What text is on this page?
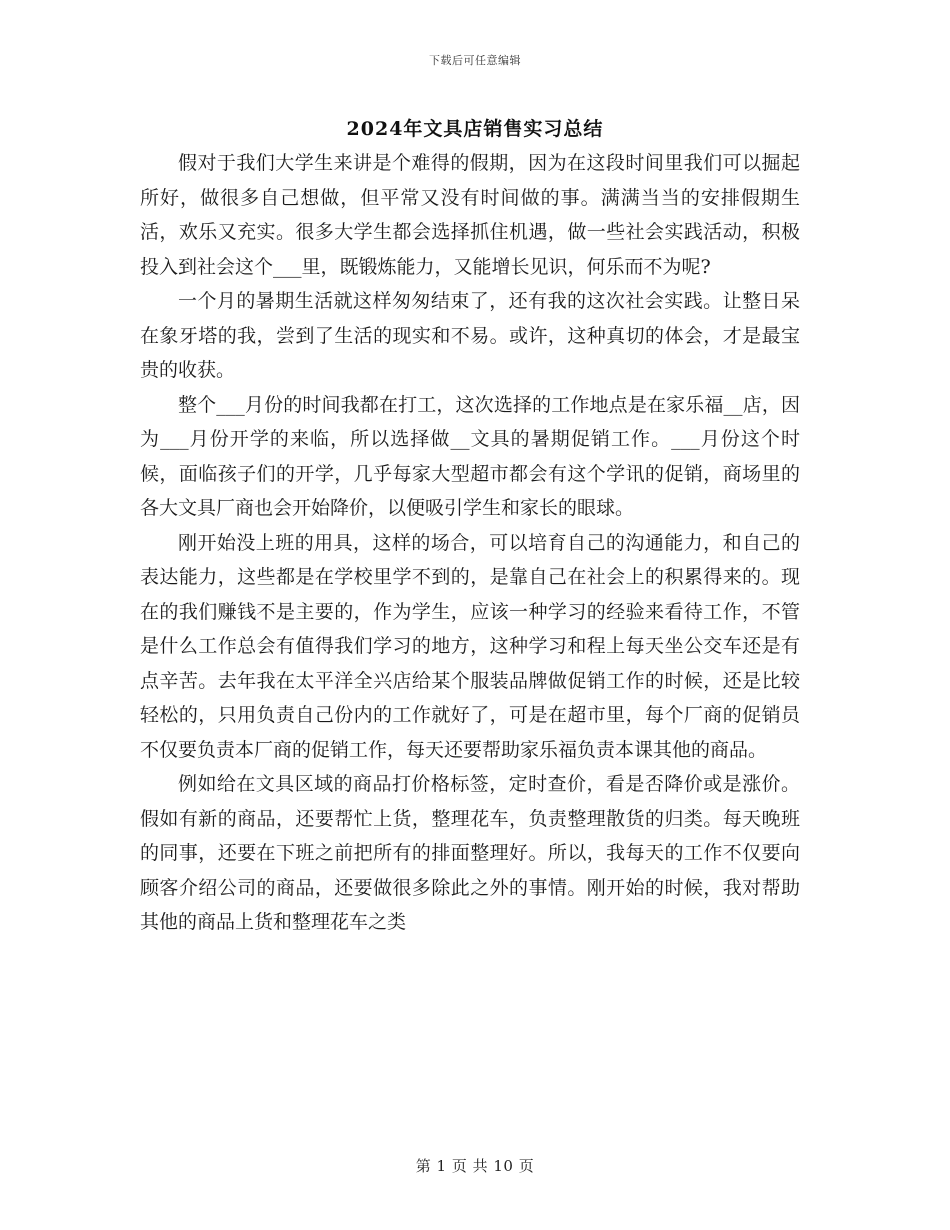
下载后可任意编辑
2024年文具店销售实习总结

假对于我们大学生来讲是个难得的假期，因为在这段时间里我们可以掘起所好，做很多自己想做，但平常又没有时间做的事。满满当当的安排假期生活，欢乐又充实。很多大学生都会选择抓住机遇，做一些社会实践活动，积极投入到社会这个___里，既锻炼能力，又能增长见识，何乐而不为呢?

一个月的暑期生活就这样匆匆结束了，还有我的这次社会实践。让整日呆在象牙塔的我，尝到了生活的现实和不易。或许，这种真切的体会，才是最宝贵的收获。

整个___月份的时间我都在打工，这次选择的工作地点是在家乐福__店，因为___月份开学的来临，所以选择做__文具的暑期促销工作。___月份这个时候，面临孩子们的开学，几乎每家大型超市都会有这个学讯的促销，商场里的各大文具厂商也会开始降价，以便吸引学生和家长的眼球。

刚开始没上班的用具，这样的场合，可以培育自己的沟通能力，和自己的表达能力，这些都是在学校里学不到的，是靠自己在社会上的积累得来的。现在的我们赚钱不是主要的，作为学生，应该一种学习的经验来看待工作，不管是什么工作总会有值得我们学习的地方，这种学习和程上每天坐公交车还是有点辛苦。去年我在太平洋全兴店给某个服装品牌做促销工作的时候，还是比较轻松的，只用负责自己份内的工作就好了，可是在超市里，每个厂商的促销员不仅要负责本厂商的促销工作，每天还要帮助家乐福负责本课其他的商品。

例如给在文具区域的商品打价格标签，定时查价，看是否降价或是涨价。假如有新的商品，还要帮忙上货，整理花车，负责整理散货的归类。每天晚班的同事，还要在下班之前把所有的排面整理好。所以，我每天的工作不仅要向顾客介绍公司的商品，还要做很多除此之外的事情。刚开始的时候，我对帮助其他的商品上货和整理花车之类

第 1 页 共 10 页
